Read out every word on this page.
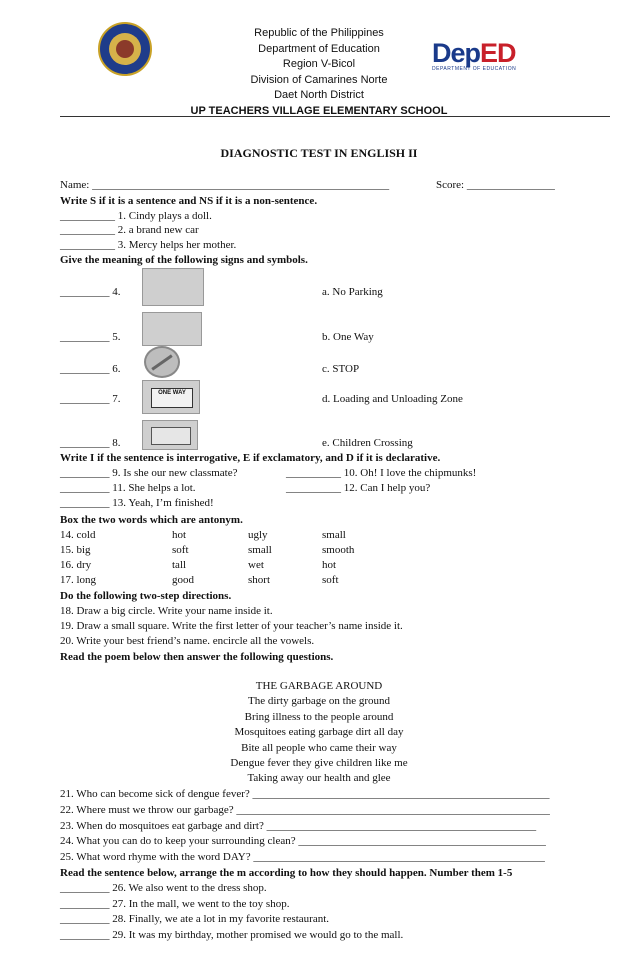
DepED
DEPARTMENT OF EDUCATION
Republic of the Philippines
Department of Education
Region V-Bicol
Division of Camarines Norte
Daet North District
UP TEACHERS VILLAGE ELEMENTARY SCHOOL
DIAGNOSTIC TEST IN ENGLISH II
Name: ______________________________________________________	Score: ________________
Write S if it is a sentence and NS if it is a non-sentence.
__________ 1. Cindy plays a doll.
__________ 2. a brand new car
__________ 3. Mercy helps her mother.
Give the meaning of the following signs and symbols.
_________ 4.	a. No Parking
_________ 5.	b. One Way
_________ 6.	c. STOP
ONE WAY
_________ 7.	d. Loading and Unloading Zone
_________ 8.	e. Children Crossing
Write I if the sentence is interrogative, E if exclamatory, and D if it is declarative.
_________ 9. Is she our new classmate?	__________ 10. Oh! I love the chipmunks!
_________ 11. She helps a lot.	__________ 12. Can I help you?
_________ 13. Yeah, I’m finished!
Box the two words which are antonym.
14. cold	hot	ugly	small
15. big	soft	small	smooth
16. dry	tall	wet	hot
17. long	good	short	soft
Do the following two-step directions.
18. Draw a big circle. Write your name inside it.
19. Draw a small square. Write the first letter of your teacher’s name inside it.
20. Write your best friend’s name. encircle all the vowels.
Read the poem below then answer the following questions.
THE GARBAGE AROUND
The dirty garbage on the ground
Bring illness to the people around
Mosquitoes eating garbage dirt all day
Bite all people who came their way
Dengue fever they give children like me
Taking away our health and glee
21. Who can become sick of dengue fever? ______________________________________________________
22. Where must we throw our garbage? _________________________________________________________
23. When do mosquitoes eat garbage and dirt? _________________________________________________
24. What you can do to keep your surrounding clean? _____________________________________________
25. What word rhyme with the word DAY? _____________________________________________________
Read the sentence below, arrange the m according to how they should happen. Number them 1-5
_________ 26. We also went to the dress shop.
_________ 27. In the mall, we went to the toy shop.
_________ 28. Finally, we ate a lot in my favorite restaurant.
_________ 29. It was my birthday, mother promised we would go to the mall.
